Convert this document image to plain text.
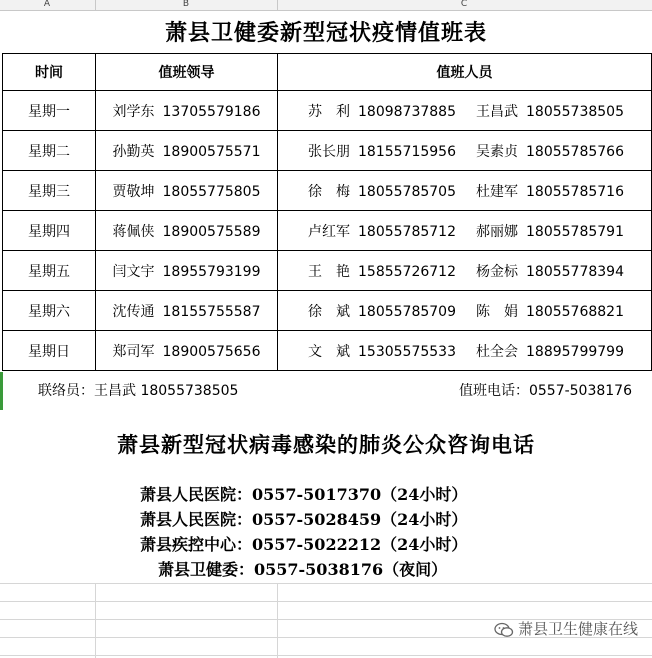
A	B	C
萧县卫健委新型冠状疫情值班表
时间	值班领导	值班人员
星期一	刘学东 13705579186	苏　利 18098737885 王昌武 18055738505

星期二	孙勤英 18900575571	张长朋 18155715956 吴素贞 18055785766

星期三	贾敬坤 18055775805	徐　梅 18055785705 杜建军 18055785716

星期四	蒋佩侠 18900575589	卢红军 18055785712 郝丽娜 18055785791

星期五	闫文宇 18955793199	王　艳 15855726712 杨金标 18055778394

星期六	沈传通 18155755587	徐　斌 18055785709 陈　娟 18055768821

星期日	郑司军 18900575656	文　斌 15305575533 杜全会 18895799799
联络员：王昌武 18055738505	值班电话：0557-5038176
萧县新型冠状病毒感染的肺炎公众咨询电话
萧县人民医院：0557-5017370（24小时）
萧县人民医院：0557-5028459（24小时）
萧县疾控中心：0557-5022212（24小时）
萧县卫健委：0557-5038176（夜间）
萧县卫生健康在线
